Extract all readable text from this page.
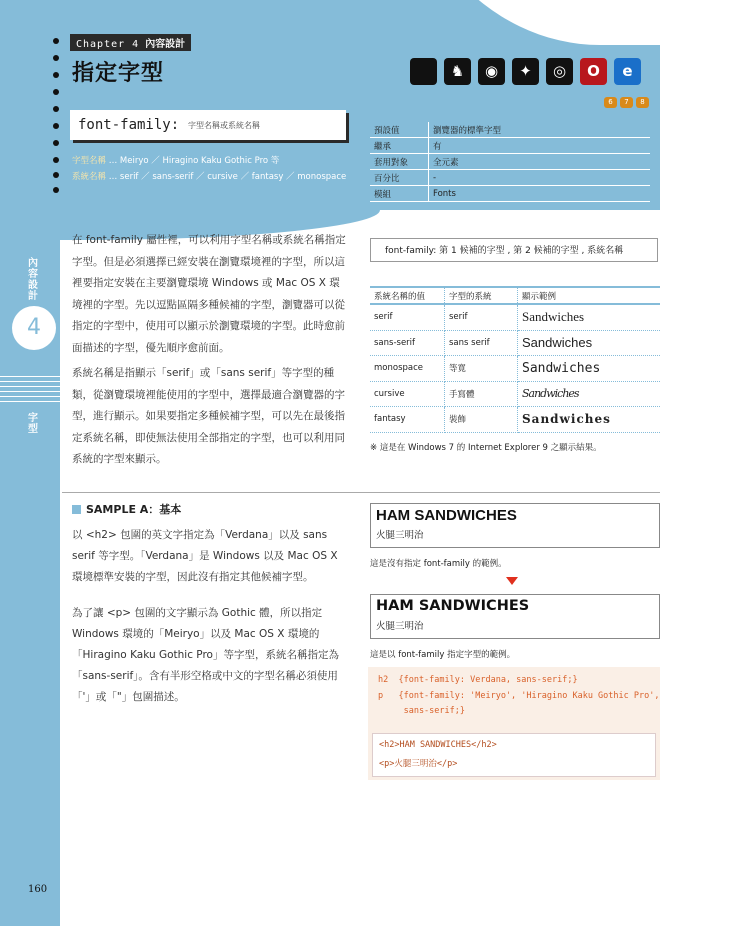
Chapter 4 內容設計
指定字型	♞	◉	✦	◎	O	e
6	7	8
font-family: 字型名稱或系統名稱
字型名稱 … Meiryo ／ Hiragino Kaku Gothic Pro 等
系統名稱 … serif ／ sans-serif ／ cursive ／ fantasy ／ monospace
預設值	瀏覽器的標準字型
繼承	有
套用對象	全元素
百分比	-
模組	Fonts
內容設計
4
字型
在 font-family 屬性裡，可以利用字型名稱或系統名稱指定字型。但是必須選擇已經安裝在瀏覽環境裡的字型，所以這裡要指定安裝在主要瀏覽環境 Windows 或 Mac OS X 環境裡的字型。先以逗點區隔多種候補的字型，瀏覽器可以從指定的字型中，使用可以顯示於瀏覽環境的字型。此時愈前面描述的字型，優先順序愈前面。
系統名稱是指顯示「serif」或「sans serif」等字型的種類，從瀏覽環境裡能使用的字型中，選擇最適合瀏覽器的字型，進行顯示。如果要指定多種候補字型，可以先在最後指定系統名稱，即使無法使用全部指定的字型，也可以利用同系統的字型來顯示。
font-family: 第 1 候補的字型 , 第 2 候補的字型 , 系統名稱
系統名稱的值	字型的系統	顯示範例
serif	serif	Sandwiches
sans-serif	sans serif	Sandwiches
monospace	等寬	Sandwiches
cursive	手寫體	Sandwiches
fantasy	裝飾	Sandwiches
※ 這是在 Windows 7 的 Internet Explorer 9 之顯示結果。
SAMPLE A：基本
以 <h2> 包圍的英文字指定為「Verdana」以及 sans serif 等字型。「Verdana」是 Windows 以及 Mac OS X 環境標準安裝的字型，因此沒有指定其他候補字型。
為了讓 <p> 包圍的文字顯示為 Gothic 體，所以指定 Windows 環境的「Meiryo」以及 Mac OS X 環境的「Hiragino Kaku Gothic Pro」等字型，系統名稱指定為「sans-serif」。含有半形空格或中文的字型名稱必須使用「'」或「"」包圍描述。
HAM SANDWICHES
火腿三明治
這是沒有指定 font-family 的範例。
HAM SANDWICHES
火腿三明治
這是以 font-family 指定字型的範例。
h2  {font-family: Verdana, sans-serif;}
p   {font-family: 'Meiryo', 'Hiragino Kaku Gothic Pro',
sans-serif;}
<h2>HAM SANDWICHES</h2>
<p>火腿三明治</p>
160
